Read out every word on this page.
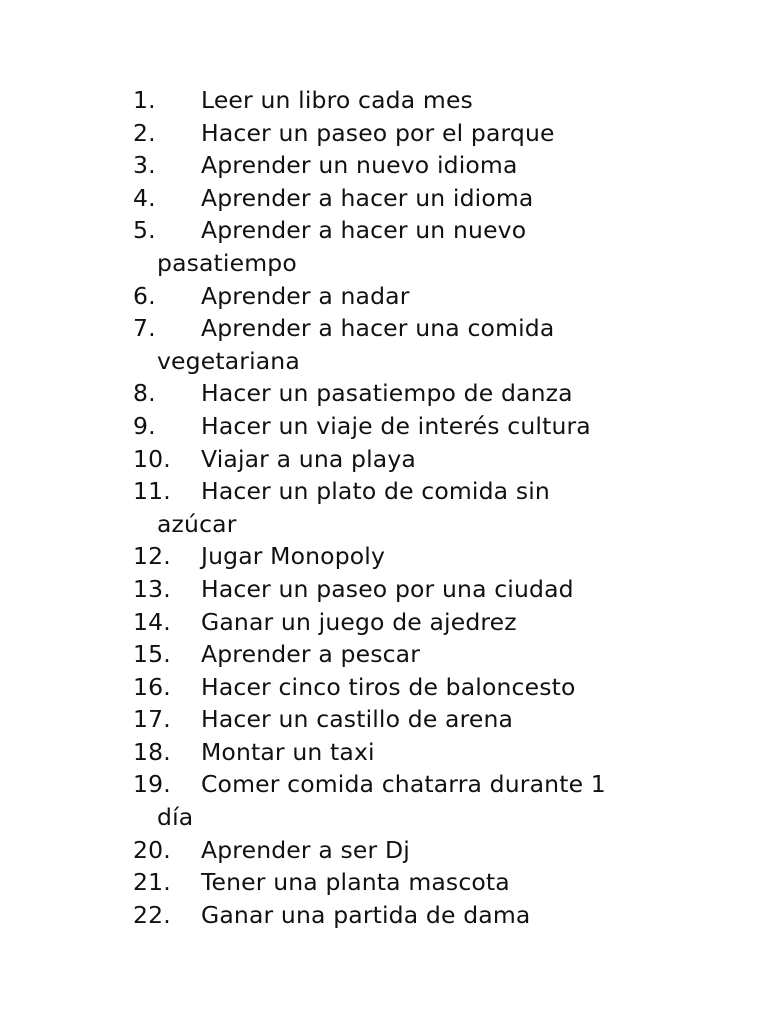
1. Leer un libro cada mes
2. Hacer un paseo por el parque
3. Aprender un nuevo idioma
4. Aprender a hacer un idioma
5. Aprender a hacer un nuevo
pasatiempo
6. Aprender a nadar
7. Aprender a hacer una comida
vegetariana
8. Hacer un pasatiempo de danza
9. Hacer un viaje de interés cultura
10. Viajar a una playa
11. Hacer un plato de comida sin
azúcar
12. Jugar Monopoly
13. Hacer un paseo por una ciudad
14. Ganar un juego de ajedrez
15. Aprender a pescar
16. Hacer cinco tiros de baloncesto
17. Hacer un castillo de arena
18. Montar un taxi
19. Comer comida chatarra durante 1
día
20. Aprender a ser Dj
21. Tener una planta mascota
22. Ganar una partida de dama
